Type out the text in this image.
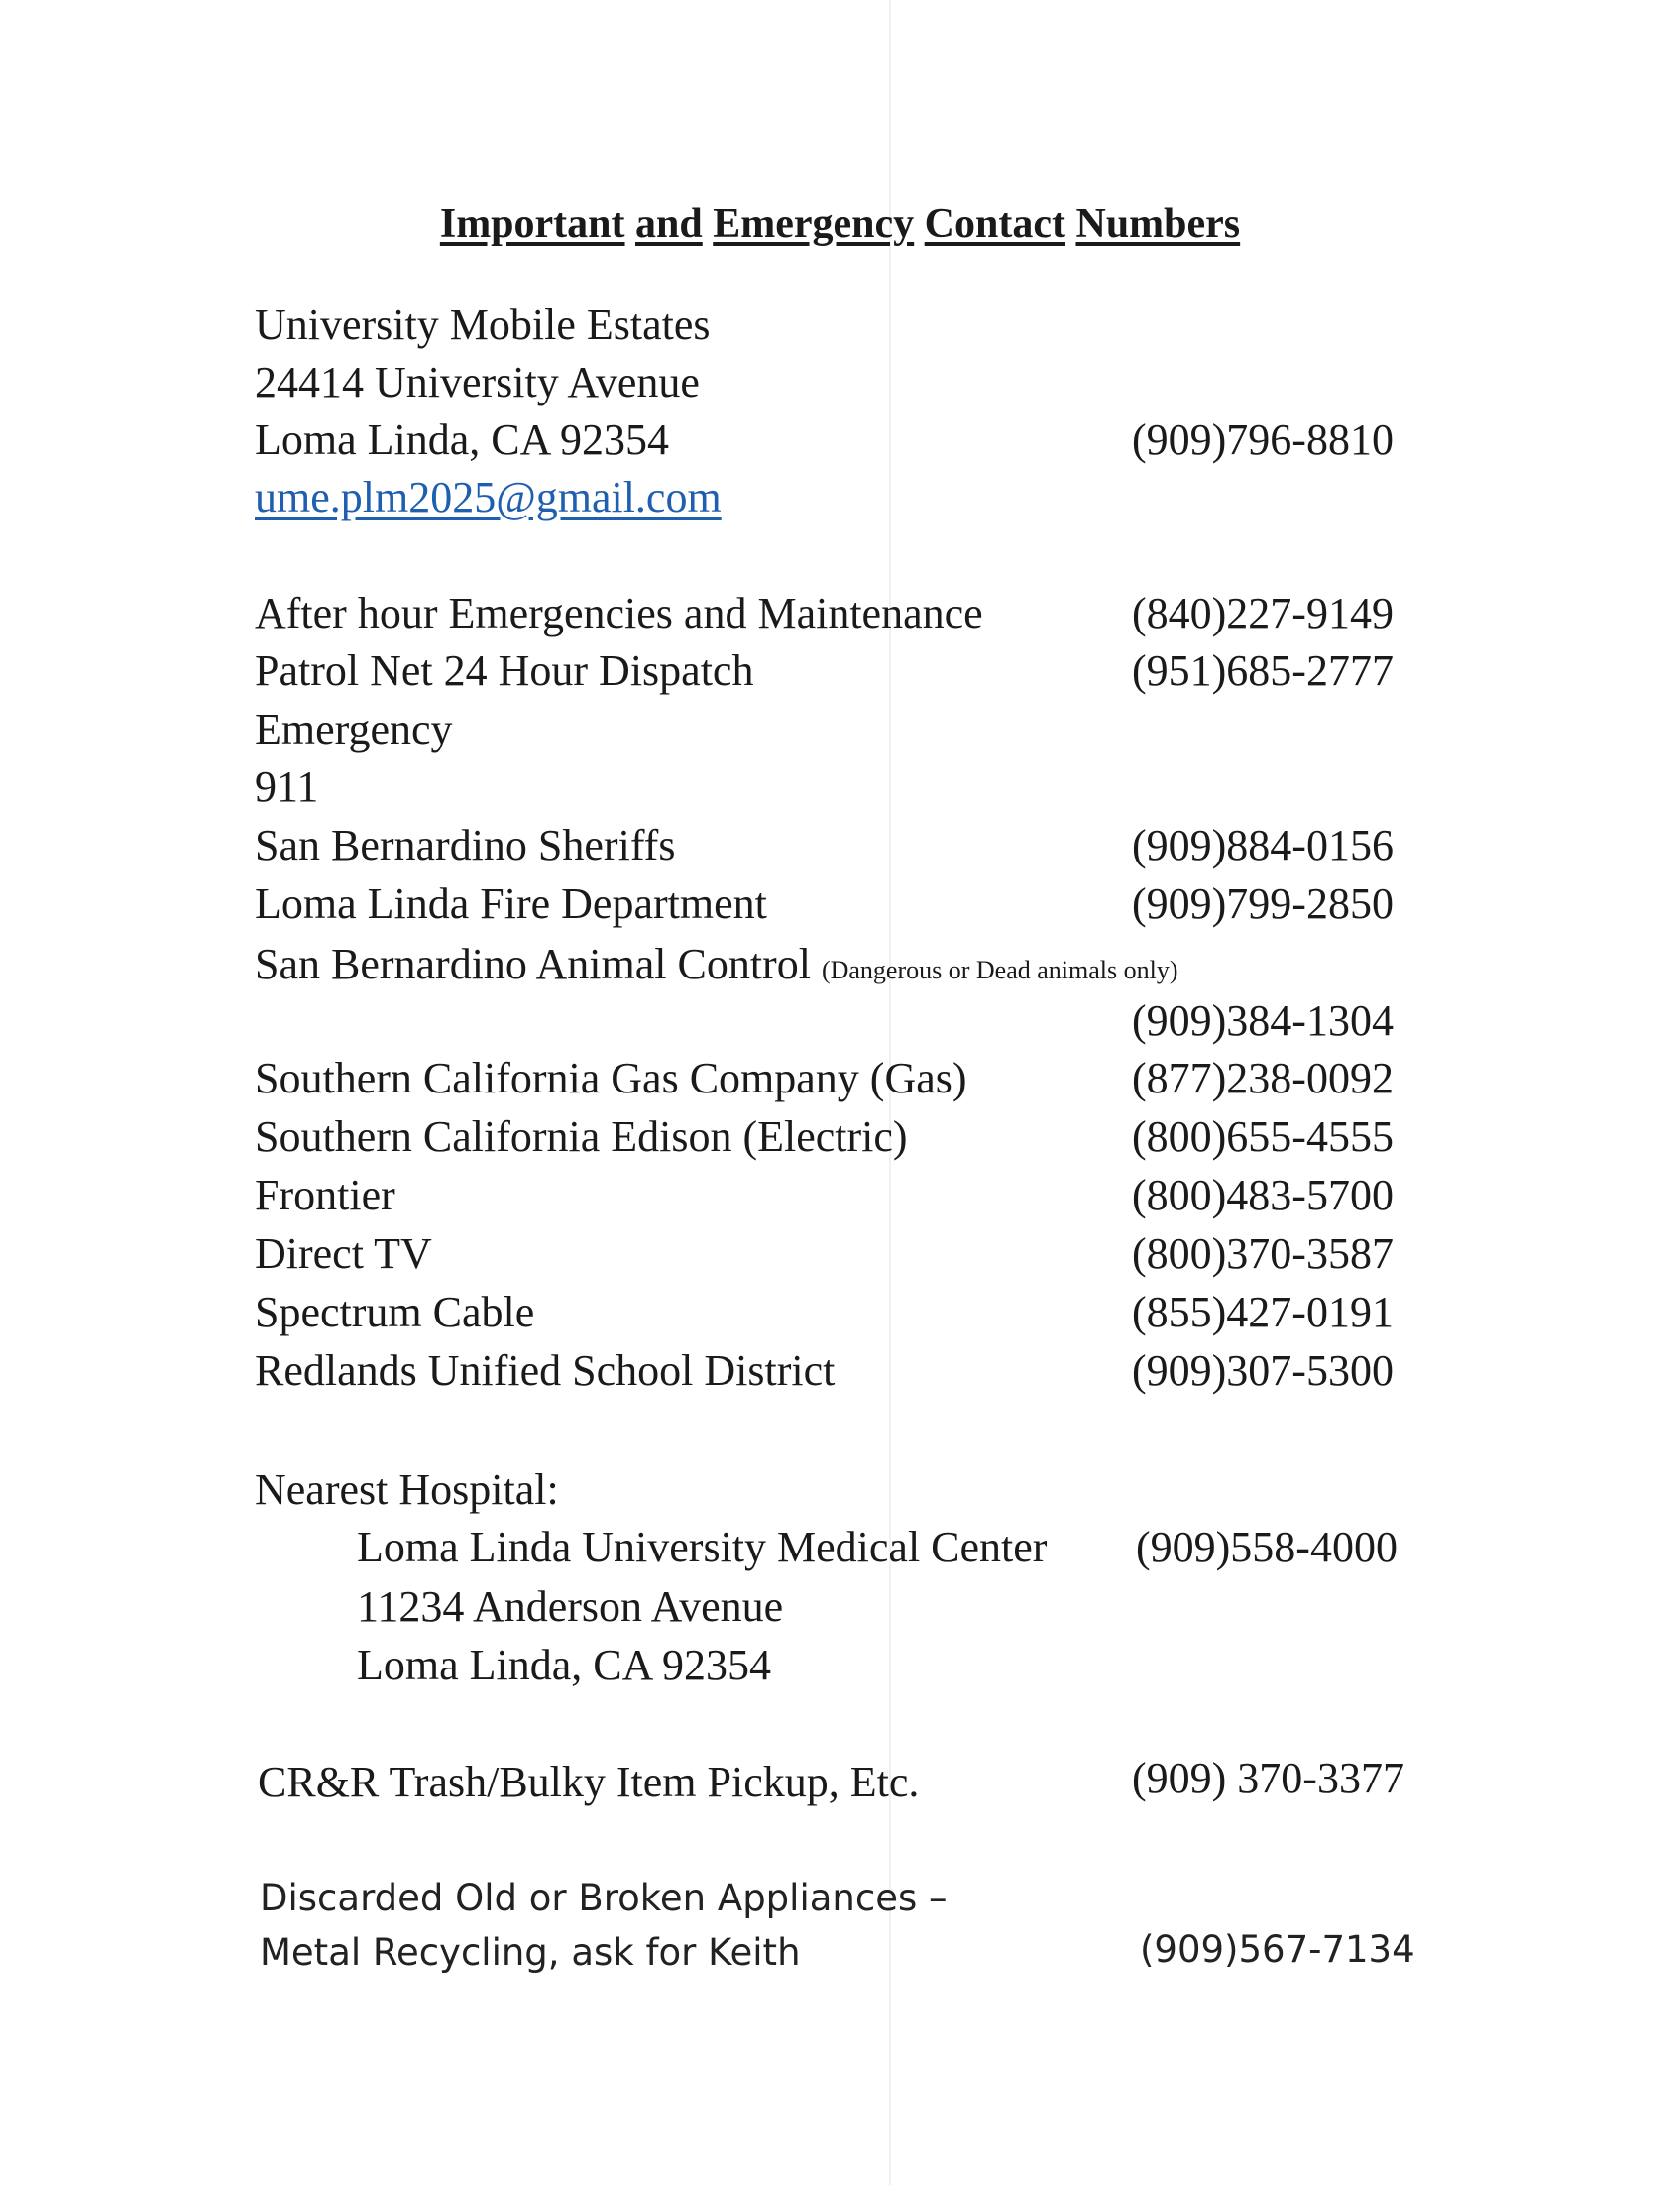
Important and Emergency Contact Numbers
University Mobile Estates
24414 University Avenue
Loma Linda, CA 92354	(909)796-8810
ume.plm2025@gmail.com
After hour Emergencies and Maintenance	(840)227-9149
Patrol Net 24 Hour Dispatch	(951)685-2777
Emergency
911
San Bernardino Sheriffs	(909)884-0156
Loma Linda Fire Department	(909)799-2850
San Bernardino Animal Control (Dangerous or Dead animals only)
(909)384-1304
Southern California Gas Company (Gas)	(877)238-0092
Southern California Edison (Electric)	(800)655-4555
Frontier	(800)483-5700
Direct TV	(800)370-3587
Spectrum Cable	(855)427-0191
Redlands Unified School District	(909)307-5300
Nearest Hospital:
Loma Linda University Medical Center (909)558-4000
11234 Anderson Avenue
Loma Linda, CA 92354
CR&R Trash/Bulky Item Pickup, Etc.	(909) 370-3377
Discarded Old or Broken Appliances –
Metal Recycling, ask for Keith	(909)567-7134
